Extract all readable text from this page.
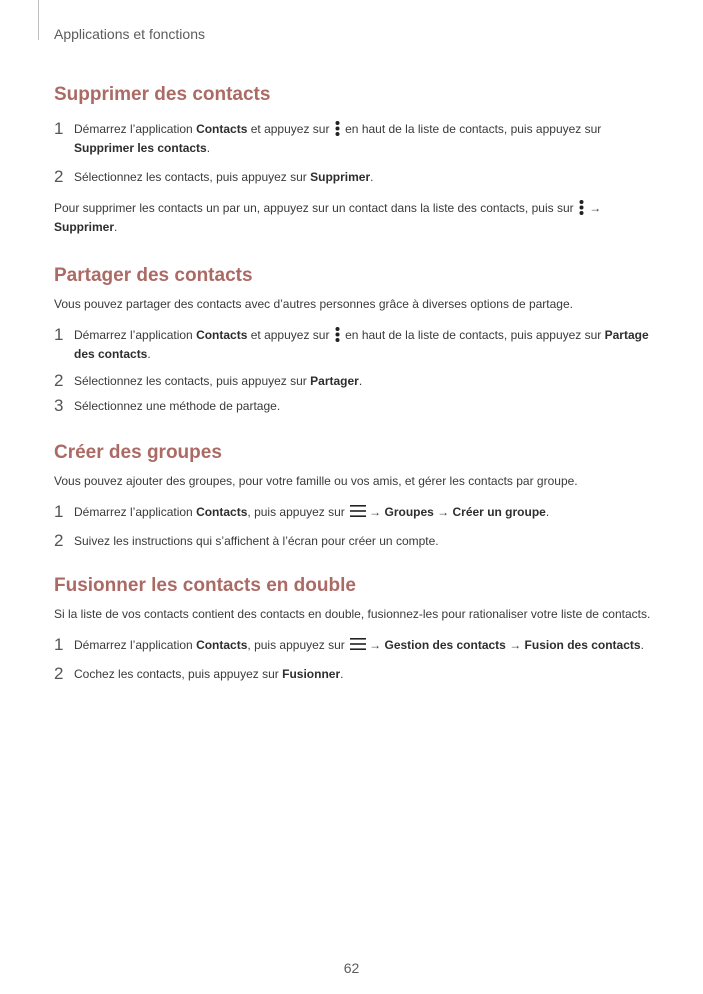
Applications et fonctions
Supprimer des contacts
1 Démarrez l’application Contacts et appuyez sur
en haut de la liste de contacts, puis appuyez sur Supprimer les contacts.
2 Sélectionnez les contacts, puis appuyez sur Supprimer.

Pour supprimer les contacts un par un, appuyez sur un contact dans la liste des contacts, puis sur
→ Supprimer.

Partager des contacts

Vous pouvez partager des contacts avec d’autres personnes grâce à diverses options de partage.

1 Démarrez l’application Contacts et appuyez sur
en haut de la liste de contacts, puis appuyez sur Partage des contacts.
2 Sélectionnez les contacts, puis appuyez sur Partager.
3 Sélectionnez une méthode de partage.
Créer des groupes

Vous pouvez ajouter des groupes, pour votre famille ou vos amis, et gérer les contacts par groupe.

1 Démarrez l’application Contacts, puis appuyez sur
→ Groupes → Créer un groupe.
2 Suivez les instructions qui s’affichent à l’écran pour créer un compte.
Fusionner les contacts en double

Si la liste de vos contacts contient des contacts en double, fusionnez-les pour rationaliser votre liste de contacts.

1 Démarrez l’application Contacts, puis appuyez sur
→ Gestion des contacts → Fusion des contacts.
2 Cochez les contacts, puis appuyez sur Fusionner.
62
